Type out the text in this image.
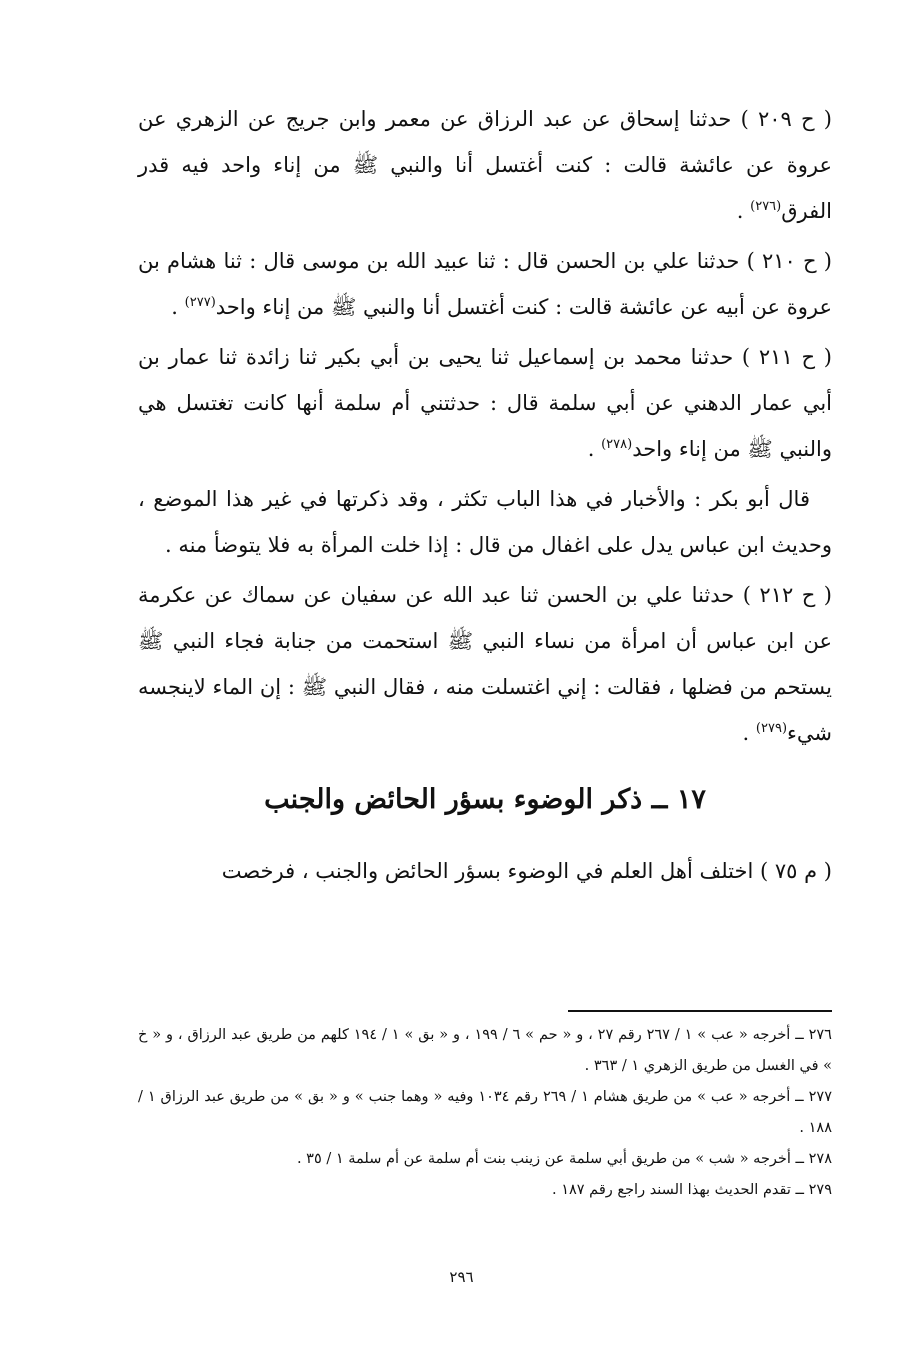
( ح ٢٠٩ ) حدثنا إسحاق عن عبد الرزاق عن معمر وابن جريج عن الزهري عن عروة عن عائشة قالت : كنت أغتسل أنا والنبي ﷺ من إناء واحد فيه قدر الفرق$^{(٢٧٦)}$ .

( ح ٢١٠ ) حدثنا علي بن الحسن قال : ثنا عبيد الله بن موسى قال : ثنا هشام بن عروة عن أبيه عن عائشة قالت : كنت أغتسل أنا والنبي ﷺ من إناء واحد$^{(٢٧٧)}$ .

( ح ٢١١ ) حدثنا محمد بن إسماعيل ثنا يحيى بن أبي بكير ثنا زائدة ثنا عمار بن أبي عمار الدهني عن أبي سلمة قال : حدثتني أم سلمة أنها كانت تغتسل هي والنبي ﷺ من إناء واحد$^{(٢٧٨)}$ .

قال أبو بكر : والأخبار في هذا الباب تكثر ، وقد ذكرتها في غير هذا الموضع ، وحديث ابن عباس يدل على اغفال من قال : إذا خلت المرأة به فلا يتوضأ منه .

( ح ٢١٢ ) حدثنا علي بن الحسن ثنا عبد الله عن سفيان عن سماك عن عكرمة عن ابن عباس أن امرأة من نساء النبي ﷺ استحمت من جنابة فجاء النبي ﷺ يستحم من فضلها ، فقالت : إني اغتسلت منه ، فقال النبي ﷺ : إن الماء لاينجسه شيء$^{(٢٧٩)}$ .

١٧ ــ ذكر الوضوء بسؤر الحائض والجنب

( م ٧٥ ) اختلف أهل العلم في الوضوء بسؤر الحائض والجنب ، فرخصت

٢٧٦ ــ أخرجه « عب » ١ / ٢٦٧ رقم ٢٧ ، و « حم » ٦ / ١٩٩ ، و « بق » ١ / ١٩٤ كلهم من طريق عبد الرزاق ، و « خ » في الغسل من طريق الزهري ١ / ٣٦٣ .

٢٧٧ ــ أخرجه « عب » من طريق هشام ١ / ٢٦٩ رقم ١٠٣٤ وفيه « وهما جنب » و « بق » من طريق عبد الرزاق ١ / ١٨٨ .

٢٧٨ ــ أخرجه « شب » من طريق أبي سلمة عن زينب بنت أم سلمة عن أم سلمة ١ / ٣٥ .

٢٧٩ ــ تقدم الحديث بهذا السند راجع رقم ١٨٧ .

٢٩٦
